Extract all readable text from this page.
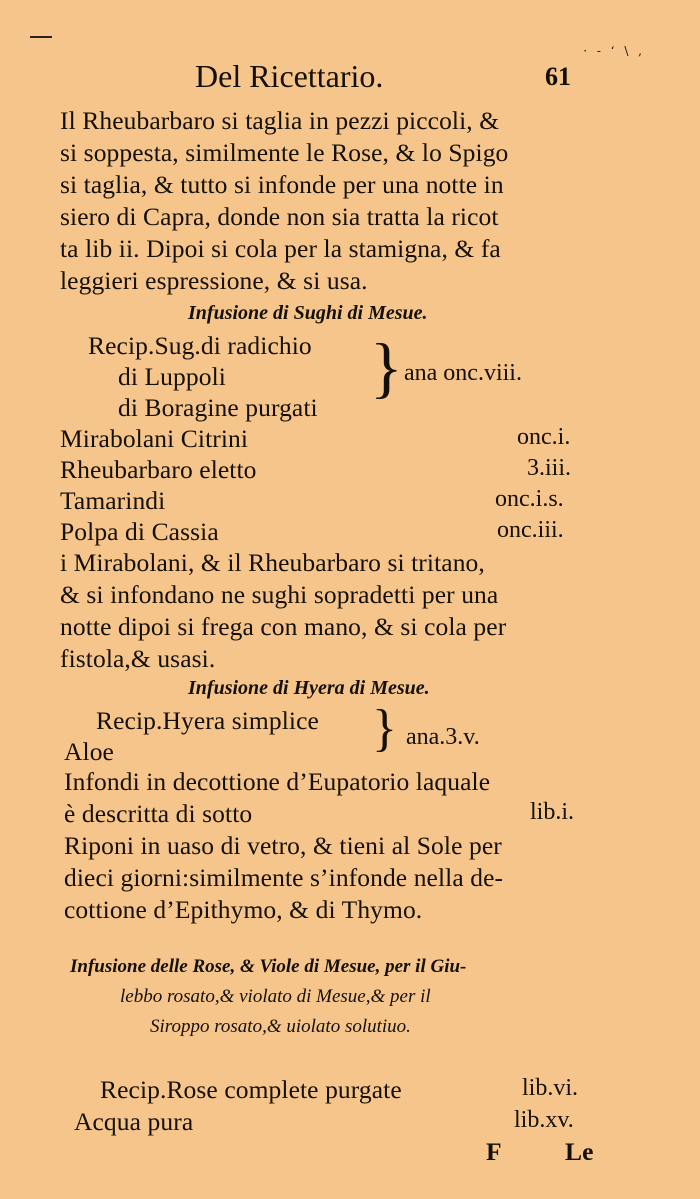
· - ‘ \ ,
Del Ricettario.	61
Il Rheubarbaro si taglia in pezzi piccoli, &
si soppesta, similmente le Rose, & lo Spigo
si taglia, & tutto si infonde per una notte in
siero di Capra, donde non sia tratta la ricot
ta lib ii. Dipoi si cola per la stamigna, & fa
leggieri espressione, & si usa.
Infusione di Sughi di Mesue.
Recip.Sug.di radichio
di Luppoli
di Boragine purgati
} ana onc.viii.
Mirabolani Citrini	onc.i.
Rheubarbaro eletto	3.iii.
Tamarindi	onc.i.s.
Polpa di Cassia	onc.iii.
i Mirabolani, & il Rheubarbaro si tritano,
& si infondano ne sughi sopradetti per una
notte dipoi si frega con mano, & si cola per
fistola,& usasi.
Infusione di Hyera di Mesue.
Recip.Hyera simplice
Aloe	} ana.3.v.
Infondi in decottione d’Eupatorio laquale
è descritta di sotto	lib.i.
Riponi in uaso di vetro, & tieni al Sole per
dieci giorni:similmente s’infonde nella de-
cottione d’Epithymo, & di Thymo.
Infusione delle Rose, & Viole di Mesue, per il Giu-
lebbo rosato,& violato di Mesue,& per il
Siroppo rosato,& uiolato solutiuo.
Recip.Rose complete purgate	lib.vi.
Acqua pura	lib.xv.
F Le
